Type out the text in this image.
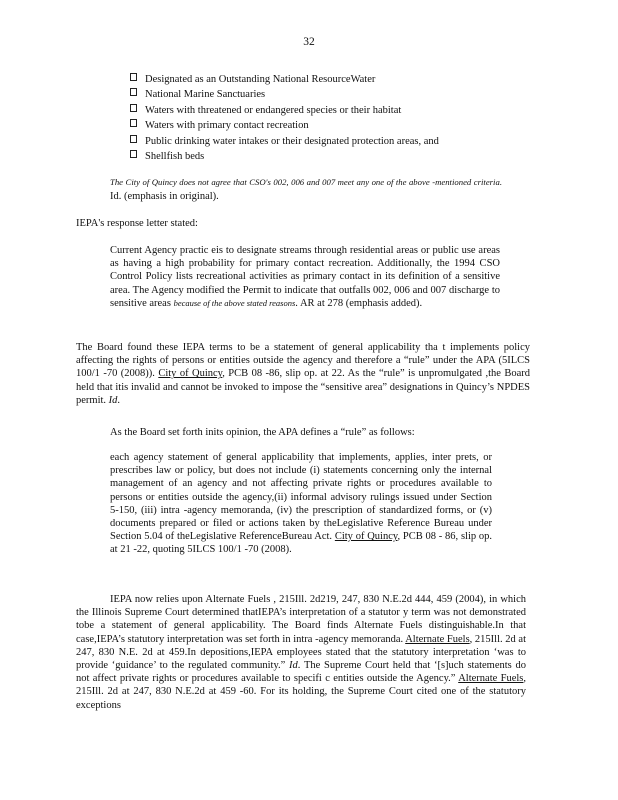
32
Designated as an Outstanding National ResourceWater
National Marine Sanctuaries
Waters with threatened or endangered species or their habitat
Waters with primary contact recreation
Public drinking water intakes or their designated protection areas, and
Shellfish beds
The City of Quincy does not agree that CSO's 002, 006 and 007 meet any one of the above -mentioned criteria. Id. (emphasis in original).
IEPA's response letter stated:
Current Agency practic eis to designate streams through residential areas or public use areas as having a high probability for primary contact recreation. Additionally, the 1994 CSO Control Policy lists recreational activities as primary contact in its definition of a sensitive area. The Agency modified the Permit to indicate that outfalls 002, 006 and 007 discharge to sensitive areas because of the above stated reasons. AR at 278 (emphasis added).
The Board found these IEPA terms to be a statement of general applicability tha t implements policy affecting the rights of persons or entities outside the agency and therefore a “rule” under the APA (5ILCS 100/1 -70 (2008)). City of Quincy, PCB 08 -86, slip op. at 22. As the “rule” is unpromulgated ,the Board held that itis invalid and cannot be invoked to impose the “sensitive area” designations in Quincy’s NPDES permit. Id.
As the Board set forth inits opinion, the APA defines a “rule” as follows:
each agency statement of general applicability that implements, applies, inter prets, or prescribes law or policy, but does not include (i) statements concerning only the internal management of an agency and not affecting private rights or procedures available to persons or entities outside the agency,(ii) informal advisory rulings issued under Section 5-150, (iii) intra -agency memoranda, (iv) the prescription of standardized forms, or (v) documents prepared or filed or actions taken by theLegislative Reference Bureau under Section 5.04 of theLegislative ReferenceBureau Act. City of Quincy, PCB 08 - 86, slip op. at 21 -22, quoting 5ILCS 100/1 -70 (2008).
IEPA now relies upon Alternate Fuels , 215Ill. 2d219, 247, 830 N.E.2d 444, 459 (2004), in which the Illinois Supreme Court determined thatIEPA’s interpretation of a statutor y term was not demonstrated tobe a statement of general applicability. The Board finds Alternate Fuels distinguishable.In that case,IEPA’s statutory interpretation was set forth in intra -agency memoranda. Alternate Fuels, 215Ill. 2d at 247, 830 N.E. 2d at 459.In depositions,IEPA employees stated that the statutory interpretation ‘was to provide ‘guidance’ to the regulated community.” Id. The Supreme Court held that ‘[s]uch statements do not affect private rights or procedures available to specifi c entities outside the Agency.” Alternate Fuels, 215Ill. 2d at 247, 830 N.E.2d at 459 -60. For its holding, the Supreme Court cited one of the statutory exceptions
